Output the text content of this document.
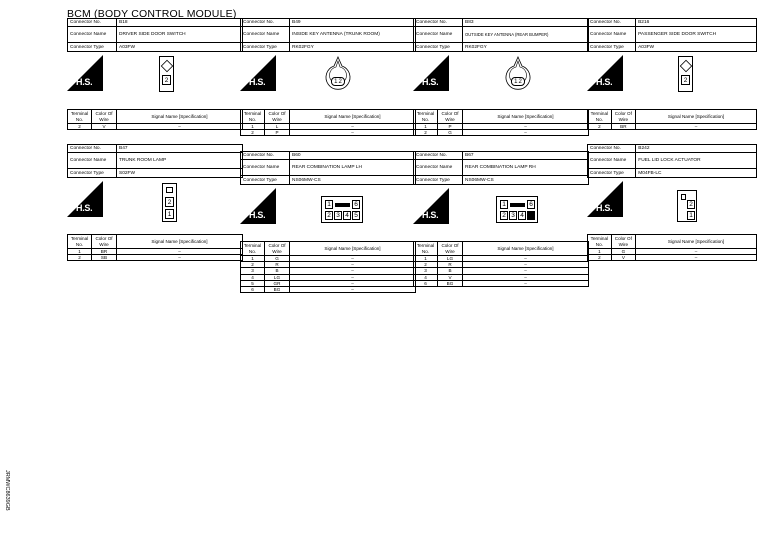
BCM (BODY CONTROL MODULE)
JRMWC8639GB
Connector No.	B18
Connector Name	DRIVER SIDE DOOR SWITCH
Connector Type	A03FW
H.S.	2
Terminal No.	Color Of Wire	Signal Name [Specification]
2	V	–
Connector No.	B49
Connector Name	INSIDE KEY ANTENNA (TRUNK ROOM)
Connector Type	RK02FGY
H.S.	1 2
Terminal No.	Color Of Wire	Signal Name [Specification]
1	L	–
2	P	–
Connector No.	B83
Connector Name	OUTSIDE KEY ANTENNA (REAR BUMPER)
Connector Type	RK02FGY
H.S.	1 2
Terminal No.	Color Of Wire	Signal Name [Specification]
1	P	–
2	G	–
Connector No.	B216
Connector Name	PASSENGER SIDE DOOR SWITCH
Connector Type	A03FW
H.S.	2
Terminal No.	Color Of Wire	Signal Name [Specification]
2	BR	–
Connector No.	B47
Connector Name	TRUNK ROOM LAMP
Connector Type	S02FW
H.S.
2
1
Terminal No.	Color Of Wire	Signal Name [Specification]
1	BR	–
2	SB	–
Connector No.	B60
Connector Name	REAR COMBINATION LAMP LH
Connector Type	NS06MW-CS
H.S.
1	6
2 3 4 5
Terminal No.	Color Of Wire	Signal Name [Specification]
1	G	–
2	R	–
3	B	–
4	LG	–
5	GR	–
6	BG	–
Connector No.	B67
Connector Name	REAR COMBINATION LAMP RH
Connector Type	NS06MW-CS
H.S.
1	6
2 3 4
Terminal No.	Color Of Wire	Signal Name [Specification]
1	LG	–
2	R	–
3	B	–
4	V	–
6	BG	–
Connector No.	B242
Connector Name	FUEL LID LOCK ACTUATOR
Connector Type	M04FB-LC
H.S.	2
1
Terminal No.	Color Of Wire	Signal Name [Specification]
1	G	–
2	V	–
